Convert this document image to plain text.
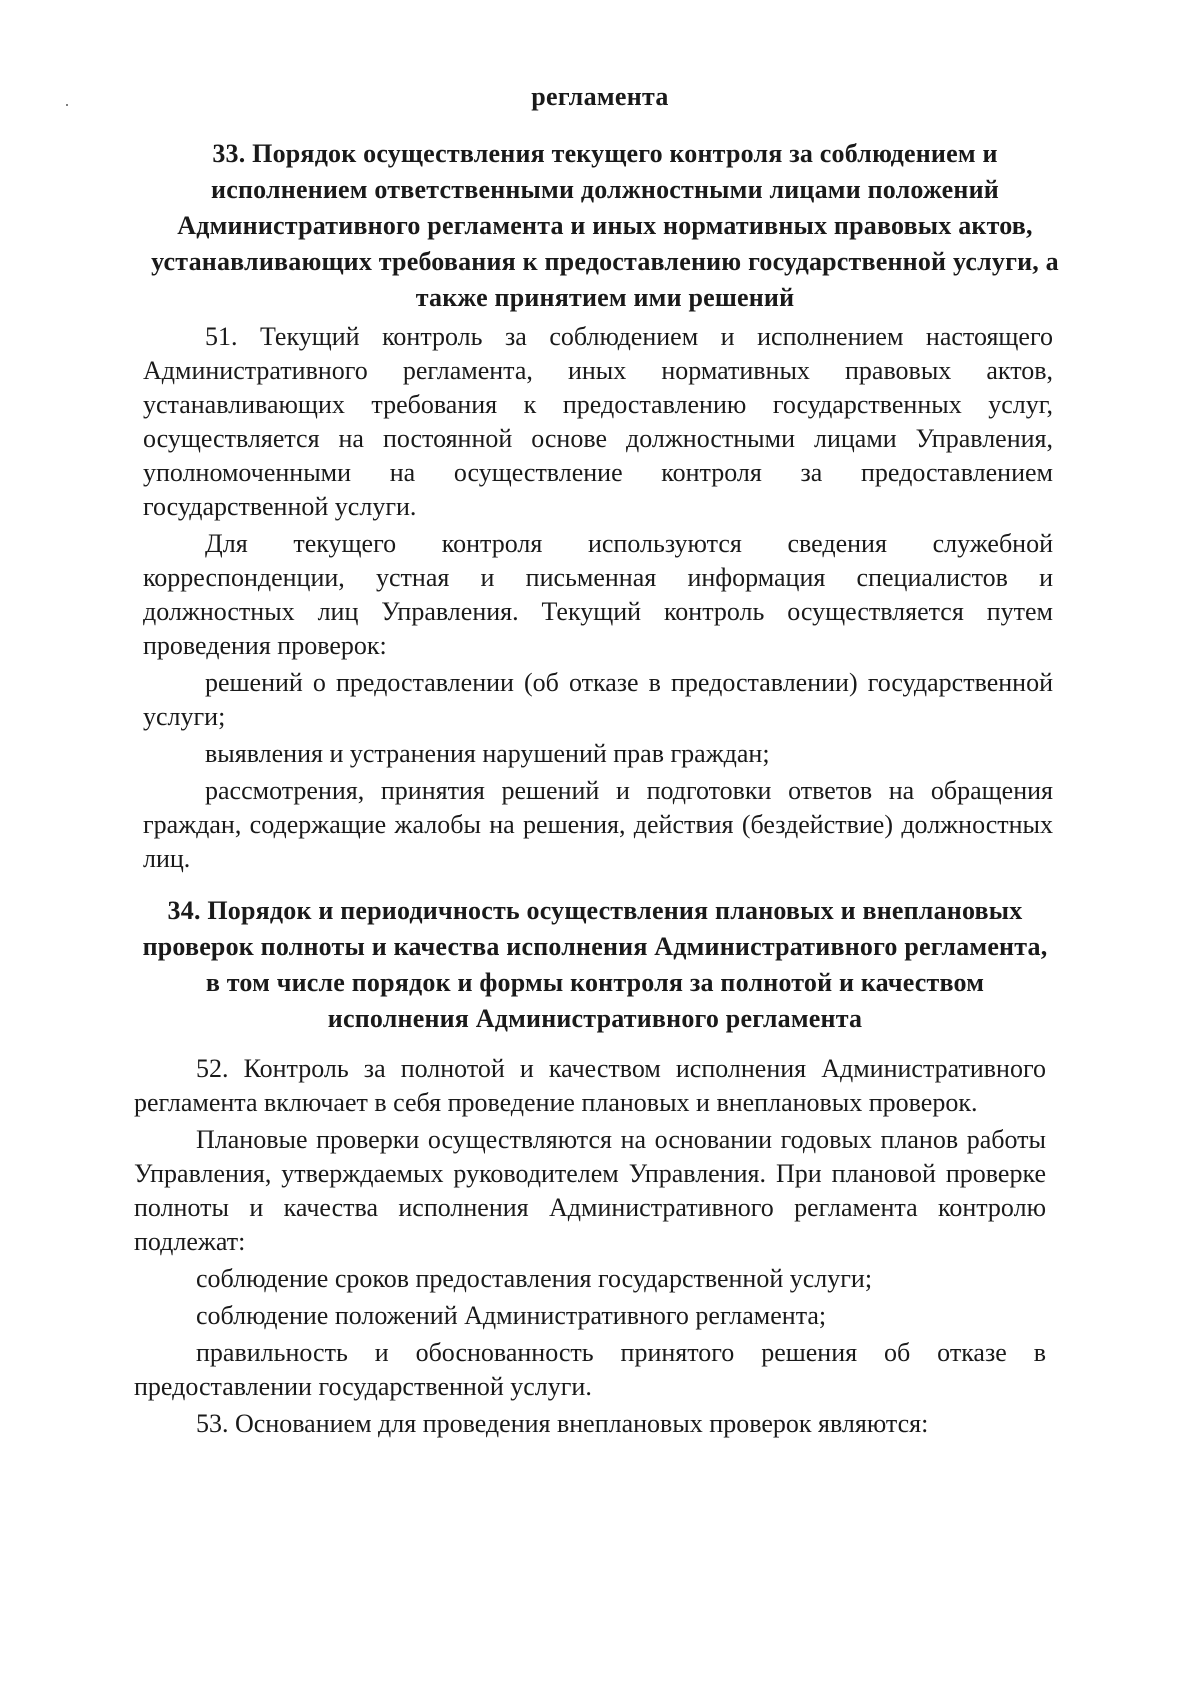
регламента
33. Порядок осуществления текущего контроля за соблюдением и исполнением ответственными должностными лицами положений Административного регламента и иных нормативных правовых актов, устанавливающих требования к предоставлению государственной услуги, а также принятием ими решений

51. Текущий контроль за соблюдением и исполнением настоящего Административного регламента, иных нормативных правовых актов, устанавливающих требования к предоставлению государственных услуг, осуществляется на постоянной основе должностными лицами Управления, уполномоченными на осуществление контроля за предоставлением государственной услуги.

Для текущего контроля используются сведения служебной корреспонденции, устная и письменная информация специалистов и должностных лиц Управления. Текущий контроль осуществляется путем проведения проверок:

решений о предоставлении (об отказе в предоставлении) государственной услуги;

выявления и устранения нарушений прав граждан;

рассмотрения, принятия решений и подготовки ответов на обращения граждан, содержащие жалобы на решения, действия (бездействие) должностных лиц.

34. Порядок и периодичность осуществления плановых и внеплановых проверок полноты и качества исполнения Административного регламента, в том числе порядок и формы контроля за полнотой и качеством исполнения Административного регламента

52. Контроль за полнотой и качеством исполнения Административного регламента включает в себя проведение плановых и внеплановых проверок.

Плановые проверки осуществляются на основании годовых планов работы Управления, утверждаемых руководителем Управления. При плановой проверке полноты и качества исполнения Административного регламента контролю подлежат:

соблюдение сроков предоставления государственной услуги;

соблюдение положений Административного регламента;

правильность и обоснованность принятого решения об отказе в предоставлении государственной услуги.

53. Основанием для проведения внеплановых проверок являются:
